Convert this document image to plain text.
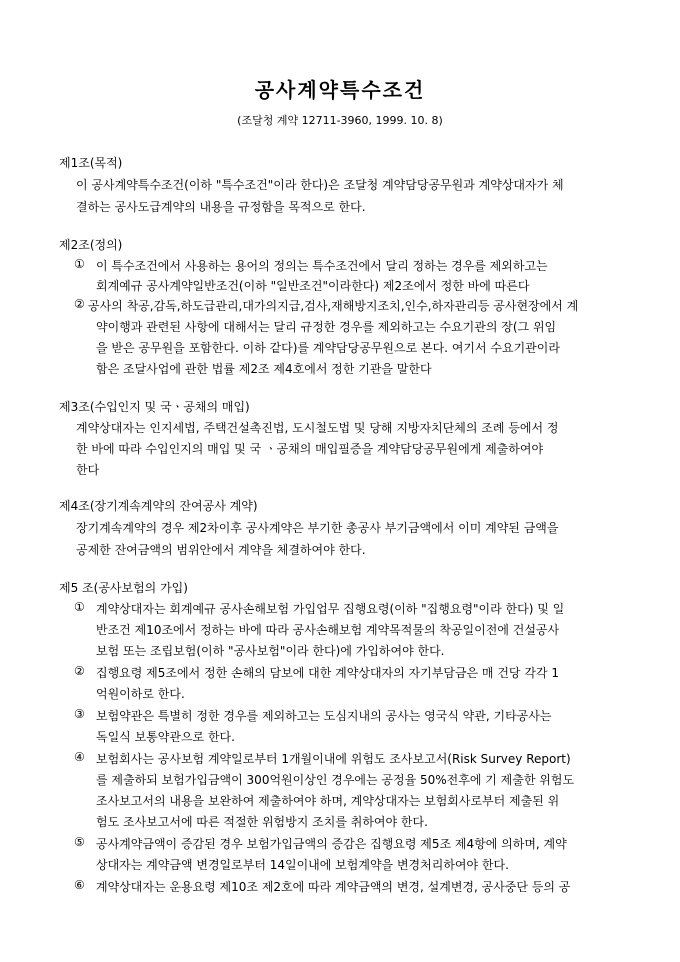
공사계약특수조건
(조달청 계약 12711-3960, 1999. 10. 8)
제1조(목적)
이 공사계약특수조건(이하 "특수조건"이라 한다)은 조달청 계약담당공무원과 계약상대자가 체
결하는 공사도급계약의 내용을 규정함을 목적으로 한다.
제2조(정의)
① 이 특수조건에서 사용하는 용어의 정의는 특수조건에서 달리 정하는 경우를 제외하고는
회계예규 공사계약일반조건(이하 "일반조건"이라한다) 제2조에서 정한 바에 따른다
② 공사의 착공,감독,하도급관리,대가의지급,검사,재해방지조치,인수,하자관리등 공사현장에서 계
약이행과 관련된 사항에 대해서는 달리 규정한 경우를 제외하고는 수요기관의 장(그 위임
을 받은 공무원을 포함한다. 이하 같다)를 계약담당공무원으로 본다. 여기서 수요기관이라
함은 조달사업에 관한 법률 제2조 제4호에서 정한 기관을 말한다
제3조(수입인지 및 국ㆍ공채의 매입)
계약상대자는 인지세법, 주택건설촉진법, 도시철도법 및 당해 지방자치단체의 조례 등에서 정
한 바에 따라 수입인지의 매입 및 국 ㆍ공채의 매입필증을 계약담당공무원에게 제출하여야
한다
제4조(장기계속계약의 잔여공사 계약)
장기계속계약의 경우 제2차이후 공사계약은 부기한 총공사 부기금액에서 이미 계약된 금액을
공제한 잔여금액의 범위안에서 계약을 체결하여야 한다.
제5 조(공사보험의 가입)
① 계약상대자는 회계예규 공사손해보험 가입업무 집행요령(이하 "집행요령"이라 한다) 및 일
반조건 제10조에서 정하는 바에 따라 공사손해보험 계약목적물의 착공일이전에 건설공사
보험 또는 조립보험(이하 "공사보험"이라 한다)에 가입하여야 한다.
② 집행요령 제5조에서 정한 손해의 담보에 대한 계약상대자의 자기부담금은 매 건당 각각 1
억원이하로 한다.
③ 보험약관은 특별히 정한 경우를 제외하고는 도심지내의 공사는 영국식 약관, 기타공사는
독일식 보통약관으로 한다.
④ 보험회사는 공사보험 계약일로부터 1개월이내에 위험도 조사보고서(Risk Survey Report)
를 제출하되 보험가입금액이 300억원이상인 경우에는 공정율 50%전후에 기 제출한 위험도
조사보고서의 내용을 보완하여 제출하여야 하며, 계약상대자는 보험회사로부터 제출된 위
험도 조사보고서에 따른 적절한 위험방지 조치를 취하여야 한다.
⑤ 공사계약금액이 증감된 경우 보험가입금액의 증감은 집행요령 제5조 제4항에 의하며, 계약
상대자는 계약금액 변경일로부터 14일이내에 보험계약을 변경처리하여야 한다.
⑥ 계약상대자는 운용요령 제10조 제2호에 따라 계약금액의 변경, 설계변경, 공사중단 등의 공
